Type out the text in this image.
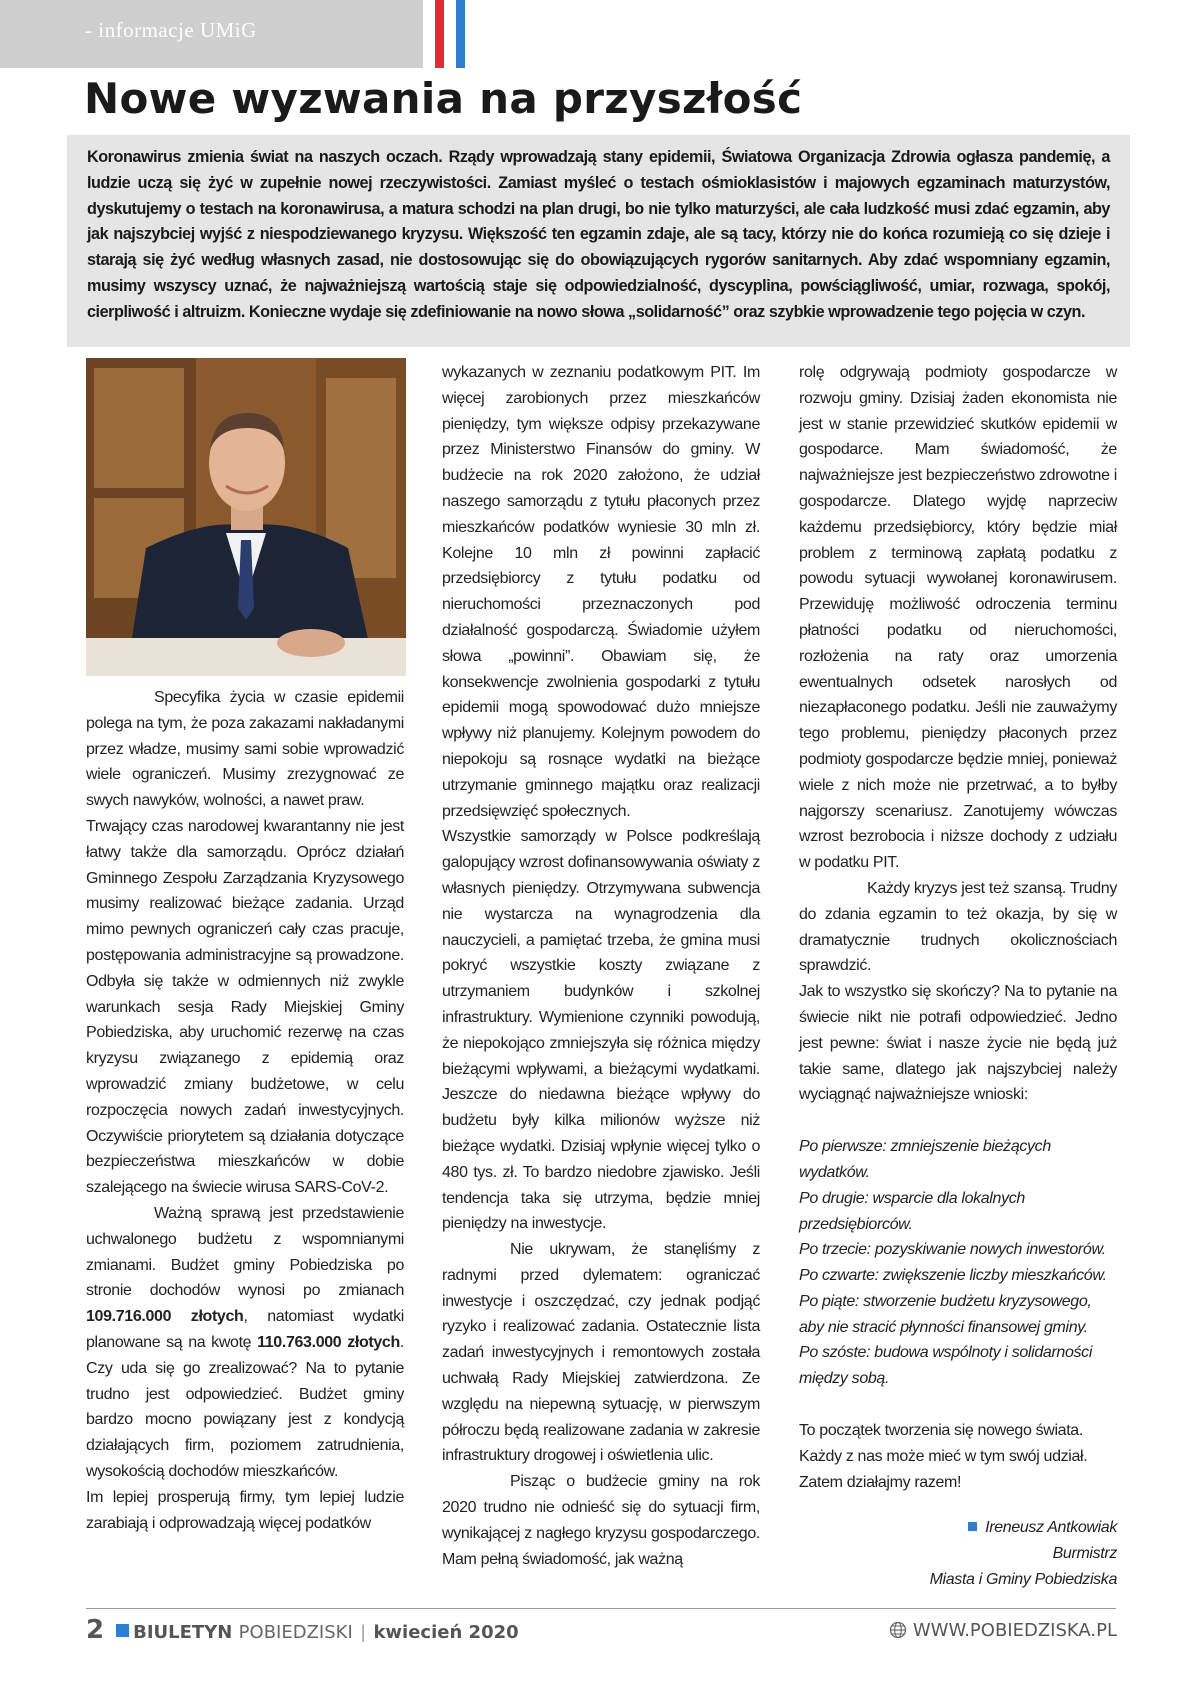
- informacje UMiG
Nowe wyzwania na przyszłość

Koronawirus zmienia świat na naszych oczach. Rządy wprowadzają stany epidemii, Światowa Organizacja Zdrowia ogłasza pandemię, a ludzie uczą się żyć w zupełnie nowej rzeczywistości. Zamiast myśleć o testach ośmioklasistów i majowych egzaminach maturzystów, dyskutujemy o testach na koronawirusa, a matura schodzi na plan drugi, bo nie tylko maturzyści, ale cała ludzkość musi zdać egzamin, aby jak najszybciej wyjść z niespodziewanego kryzysu. Większość ten egzamin zdaje, ale są tacy, którzy nie do końca rozumieją co się dzieje i starają się żyć według własnych zasad, nie dostosowując się do obowiązujących rygorów sanitarnych. Aby zdać wspomniany egzamin, musimy wszyscy uznać, że najważniejszą wartością staje się odpowiedzialność, dyscyplina, powściągliwość, umiar, rozwaga, spokój, cierpliwość i altruizm. Konieczne wydaje się zdefiniowanie na nowo słowa „solidarność” oraz szybkie wprowadzenie tego pojęcia w czyn.

Specyfika życia w czasie epidemii polega na tym, że poza zakazami nakładanymi przez władze, musimy sami sobie wprowadzić wiele ograniczeń. Musimy zrezygnować ze swych nawyków, wolności, a nawet praw.

Trwający czas narodowej kwarantanny nie jest łatwy także dla samorządu. Oprócz działań Gminnego Zespołu Zarządzania Kryzysowego musimy realizować bieżące zadania. Urząd mimo pewnych ograniczeń cały czas pracuje, postępowania administracyjne są prowadzone. Odbyła się także w odmiennych niż zwykle warunkach sesja Rady Miejskiej Gminy Pobiedziska, aby uruchomić rezerwę na czas kryzysu związanego z epidemią oraz wprowadzić zmiany budżetowe, w celu rozpoczęcia nowych zadań inwestycyjnych. Oczywiście priorytetem są działania dotyczące bezpieczeństwa mieszkańców w dobie szalejącego na świecie wirusa SARS-CoV-2.

Ważną sprawą jest przedstawienie uchwalonego budżetu z wspomnianymi zmianami. Budżet gminy Pobiedziska po stronie dochodów wynosi po zmianach 109.716.000 złotych, natomiast wydatki planowane są na kwotę 110.763.000 złotych. Czy uda się go zrealizować? Na to pytanie trudno jest odpowiedzieć. Budżet gminy bardzo mocno powiązany jest z kondycją działających firm, poziomem zatrudnienia, wysokością dochodów mieszkańców.

Im lepiej prosperują firmy, tym lepiej ludzie zarabiają i odprowadzają więcej podatków

wykazanych w zeznaniu podatkowym PIT. Im więcej zarobionych przez mieszkańców pieniędzy, tym większe odpisy przekazywane przez Ministerstwo Finansów do gminy. W budżecie na rok 2020 założono, że udział naszego samorządu z tytułu płaconych przez mieszkańców podatków wyniesie 30 mln zł. Kolejne 10 mln zł powinni zapłacić przedsiębiorcy z tytułu podatku od nieruchomości przeznaczonych pod działalność gospodarczą. Świadomie użyłem słowa „powinni”. Obawiam się, że konsekwencje zwolnienia gospodarki z tytułu epidemii mogą spowodować dużo mniejsze wpływy niż planujemy. Kolejnym powodem do niepokoju są rosnące wydatki na bieżące utrzymanie gminnego majątku oraz realizacji przedsięwzięć społecznych.

Wszystkie samorządy w Polsce podkreślają galopujący wzrost dofinansowywania oświaty z własnych pieniędzy. Otrzymywana subwencja nie wystarcza na wynagrodzenia dla nauczycieli, a pamiętać trzeba, że gmina musi pokryć wszystkie koszty związane z utrzymaniem budynków i szkolnej infrastruktury. Wymienione czynniki powodują, że niepokojąco zmniejszyła się różnica między bieżącymi wpływami, a bieżącymi wydatkami. Jeszcze do niedawna bieżące wpływy do budżetu były kilka milionów wyższe niż bieżące wydatki. Dzisiaj wpłynie więcej tylko o 480 tys. zł. To bardzo niedobre zjawisko. Jeśli tendencja taka się utrzyma, będzie mniej pieniędzy na inwestycje.

Nie ukrywam, że stanęliśmy z radnymi przed dylematem: ograniczać inwestycje i oszczędzać, czy jednak podjąć ryzyko i realizować zadania. Ostatecznie lista zadań inwestycyjnych i remontowych została uchwałą Rady Miejskiej zatwierdzona. Ze względu na niepewną sytuację, w pierwszym półroczu będą realizowane zadania w zakresie infrastruktury drogowej i oświetlenia ulic.

Pisząc o budżecie gminy na rok 2020 trudno nie odnieść się do sytuacji firm, wynikającej z nagłego kryzysu gospodarczego. Mam pełną świadomość, jak ważną

rolę odgrywają podmioty gospodarcze w rozwoju gminy. Dzisiaj żaden ekonomista nie jest w stanie przewidzieć skutków epidemii w gospodarce. Mam świadomość, że najważniejsze jest bezpieczeństwo zdrowotne i gospodarcze. Dlatego wyjdę naprzeciw każdemu przedsiębiorcy, który będzie miał problem z terminową zapłatą podatku z powodu sytuacji wywołanej koronawirusem. Przewiduję możliwość odroczenia terminu płatności podatku od nieruchomości, rozłożenia na raty oraz umorzenia ewentualnych odsetek narosłych od niezapłaconego podatku. Jeśli nie zauważymy tego problemu, pieniędzy płaconych przez podmioty gospodarcze będzie mniej, ponieważ wiele z nich może nie przetrwać, a to byłby najgorszy scenariusz. Zanotujemy wówczas wzrost bezrobocia i niższe dochody z udziału w podatku PIT.

Każdy kryzys jest też szansą. Trudny do zdania egzamin to też okazja, by się w dramatycznie trudnych okolicznościach sprawdzić.

Jak to wszystko się skończy? Na to pytanie na świecie nikt nie potrafi odpowiedzieć. Jedno jest pewne: świat i nasze życie nie będą już takie same, dlatego jak najszybciej należy wyciągnąć najważniejsze wnioski:

Po pierwsze: zmniejszenie bieżących wydatków.

Po drugie: wsparcie dla lokalnych przedsiębiorców.

Po trzecie: pozyskiwanie nowych inwestorów.

Po czwarte: zwiększenie liczby mieszkańców.

Po piąte: stworzenie budżetu kryzysowego, aby nie stracić płynności finansowej gminy.

Po szóste: budowa wspólnoty i solidarności między sobą.

To początek tworzenia się nowego świata.

Każdy z nas może mieć w tym swój udział.

Zatem działajmy razem!

Ireneusz Antkowiak

Burmistrz

Miasta i Gminy Pobiedziska

2 BIULETYN POBIEDZISKI | kwiecień 2020	WWW.POBIEDZISKA.PL
